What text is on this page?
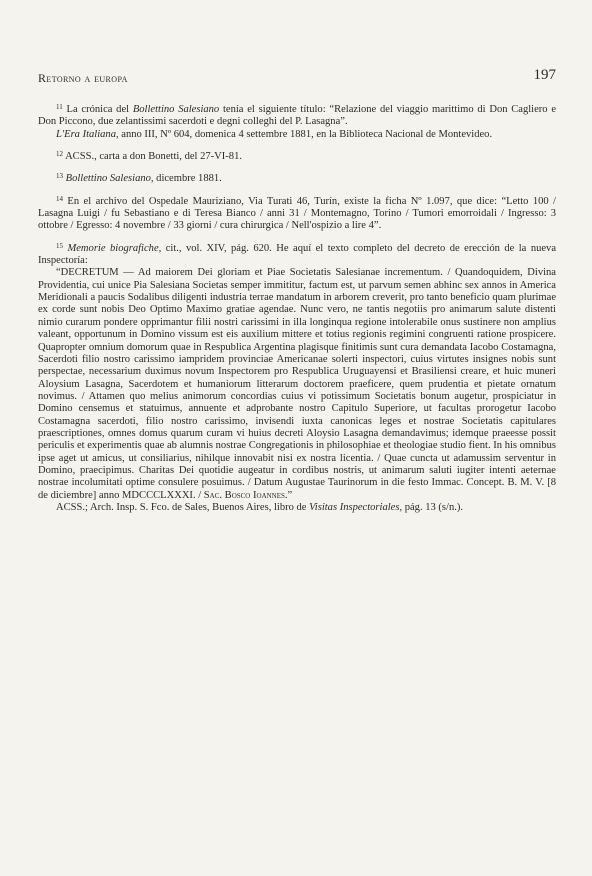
Retorno a europa	197

$^{11}$ La crónica del Bollettino Salesiano tenía el siguiente título: “Relazione del viaggio marittimo di Don Cagliero e Don Piccono, due zelantissimi sacerdoti e degni colleghi del P. Lasagna”.

L'Era Italiana, anno III, Nº 604, domenica 4 settembre 1881, en la Biblioteca Nacional de Montevideo.

$^{12}$ ACSS., carta a don Bonetti, del 27-VI-81.

$^{13}$ Bollettino Salesiano, dicembre 1881.

$^{14}$ En el archivo del Ospedale Mauriziano, Via Turati 46, Turín, existe la ficha Nº 1.097, que dice: “Letto 100 / Lasagna Luigi / fu Sebastiano e di Teresa Bianco / anni 31 / Montemagno, Torino / Tumori emorroidali / Ingresso: 3 ottobre / Egresso: 4 novembre / 33 giorni / cura chirurgica / Nell'ospizio a lire 4”.

$^{15}$ Memorie biografiche, cit., vol. XIV, pág. 620. He aquí el texto completo del decreto de erección de la nueva Inspectoría:

“DECRETUM — Ad maiorem Dei gloriam et Piae Societatis Salesianae incrementum. / Quandoquidem, Divina Providentia, cui unice Pia Salesiana Societas semper immititur, factum est, ut parvum semen abhinc sex annos in America Meridionali a paucis Sodalibus diligenti industria terrae mandatum in arborem creverit, pro tanto beneficio quam plurimae ex corde sunt nobis Deo Optimo Maximo gratiae agendae. Nunc vero, ne tantis negotiis pro animarum salute distenti nimio curarum pondere opprimantur filii nostri carissimi in illa longinqua regione intolerabile onus sustinere non amplius valeant, opportunum in Domino vissum est eis auxilium mittere et totius regionis regimini congruenti ratione prospicere. Quapropter omnium domorum quae in Respublica Argentina plagisque finitimis sunt cura demandata Iacobo Costamagna, Sacerdoti filio nostro carissimo iampridem provinciae Americanae solerti inspectori, cuius virtutes insignes nobis sunt perspectae, necessarium duximus novum Inspectorem pro Respublica Uruguayensi et Brasiliensi creare, et huic muneri Aloysium Lasagna, Sacerdotem et humaniorum litterarum doctorem praeficere, quem prudentia et pietate ornatum novimus. / Attamen quo melius animorum concordias cuius vi potissimum Societatis bonum augetur, prospiciatur in Domino censemus et statuimus, annuente et adprobante nostro Capitulo Superiore, ut facultas prorogetur Iacobo Costamagna sacerdoti, filio nostro carissimo, invisendi iuxta canonicas leges et nostrae Societatis capitulares praescriptiones, omnes domus quarum curam vi huius decreti Aloysio Lasagna demandavimus; idemque praeesse possit periculis et experimentis quae ab alumnis nostrae Congregationis in philosophiae et theologiae studio fient. In his omnibus ipse aget ut amicus, ut consiliarius, nihilque innovabit nisi ex nostra licentia. / Quae cuncta ut adamussim serventur in Domino, praecipimus. Charitas Dei quotidie augeatur in cordibus nostris, ut animarum saluti iugiter intenti aeternae nostrae incolumitati optime consulere posuimus. / Datum Augustae Taurinorum in die festo Immac. Concept. B. M. V. [8 de diciembre] anno MDCCCLXXXI. / Sac. Bosco Ioannes.”

ACSS.; Arch. Insp. S. Fco. de Sales, Buenos Aires, libro de Visitas Inspectoriales, pág. 13 (s/n.).
